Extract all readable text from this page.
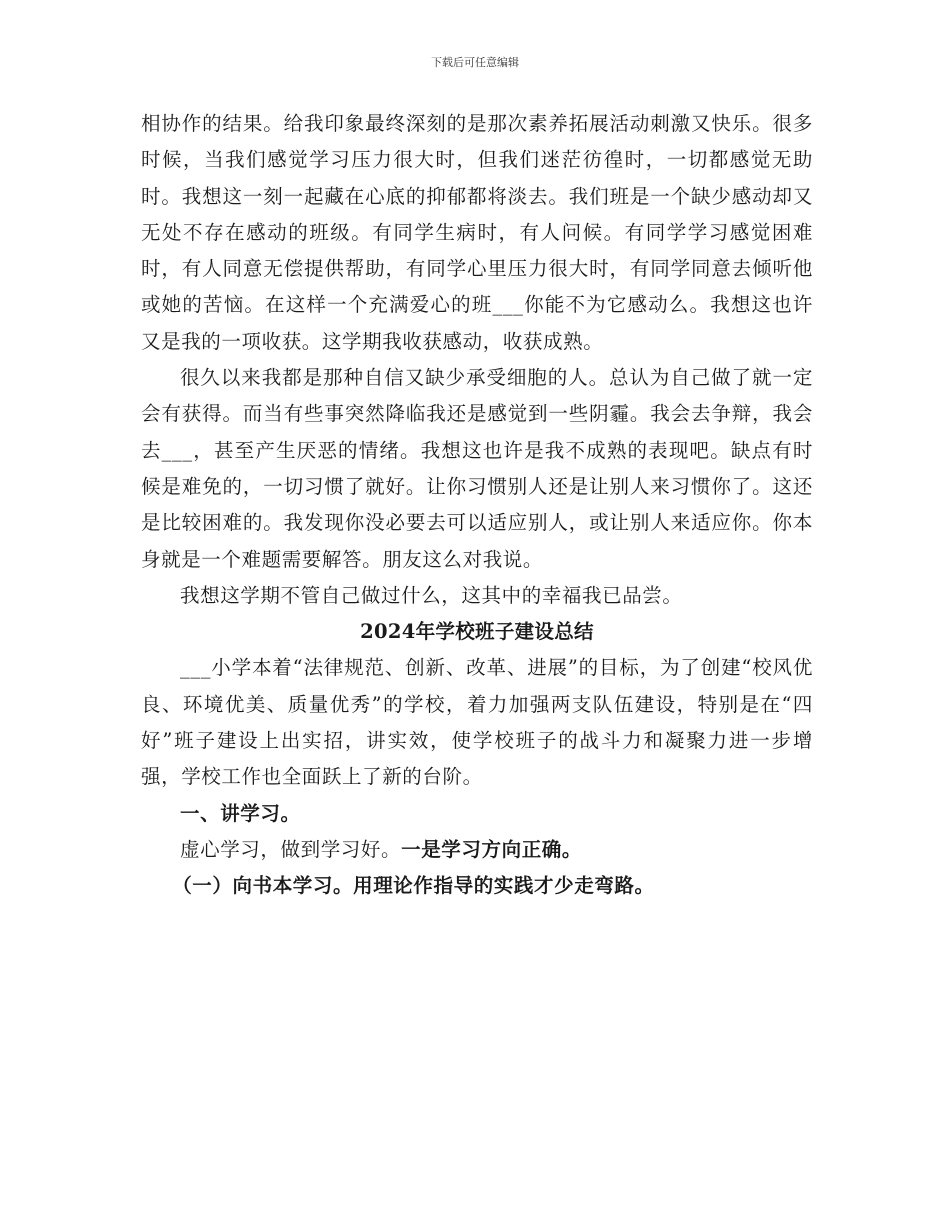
下载后可任意编辑

相协作的结果。给我印象最终深刻的是那次素养拓展活动刺激又快乐。很多时候，当我们感觉学习压力很大时，但我们迷茫彷徨时，一切都感觉无助时。我想这一刻一起藏在心底的抑郁都将淡去。我们班是一个缺少感动却又无处不存在感动的班级。有同学生病时，有人问候。有同学学习感觉困难时，有人同意无偿提供帮助，有同学心里压力很大时，有同学同意去倾听他或她的苦恼。在这样一个充满爱心的班___你能不为它感动么。我想这也许又是我的一项收获。这学期我收获感动，收获成熟。

很久以来我都是那种自信又缺少承受细胞的人。总认为自己做了就一定会有获得。而当有些事突然降临我还是感觉到一些阴霾。我会去争辩，我会去___，甚至产生厌恶的情绪。我想这也许是我不成熟的表现吧。缺点有时候是难免的，一切习惯了就好。让你习惯别人还是让别人来习惯你了。这还是比较困难的。我发现你没必要去可以适应别人，或让别人来适应你。你本身就是一个难题需要解答。朋友这么对我说。

我想这学期不管自己做过什么，这其中的幸福我已品尝。

2024年学校班子建设总结

___小学本着“法律规范、创新、改革、进展”的目标，为了创建“校风优良、环境优美、质量优秀”的学校，着力加强两支队伍建设，特别是在“四好”班子建设上出实招，讲实效，使学校班子的战斗力和凝聚力进一步增强，学校工作也全面跃上了新的台阶。

一、讲学习。

虚心学习，做到学习好。一是学习方向正确。

（一）向书本学习。用理论作指导的实践才少走弯路。
